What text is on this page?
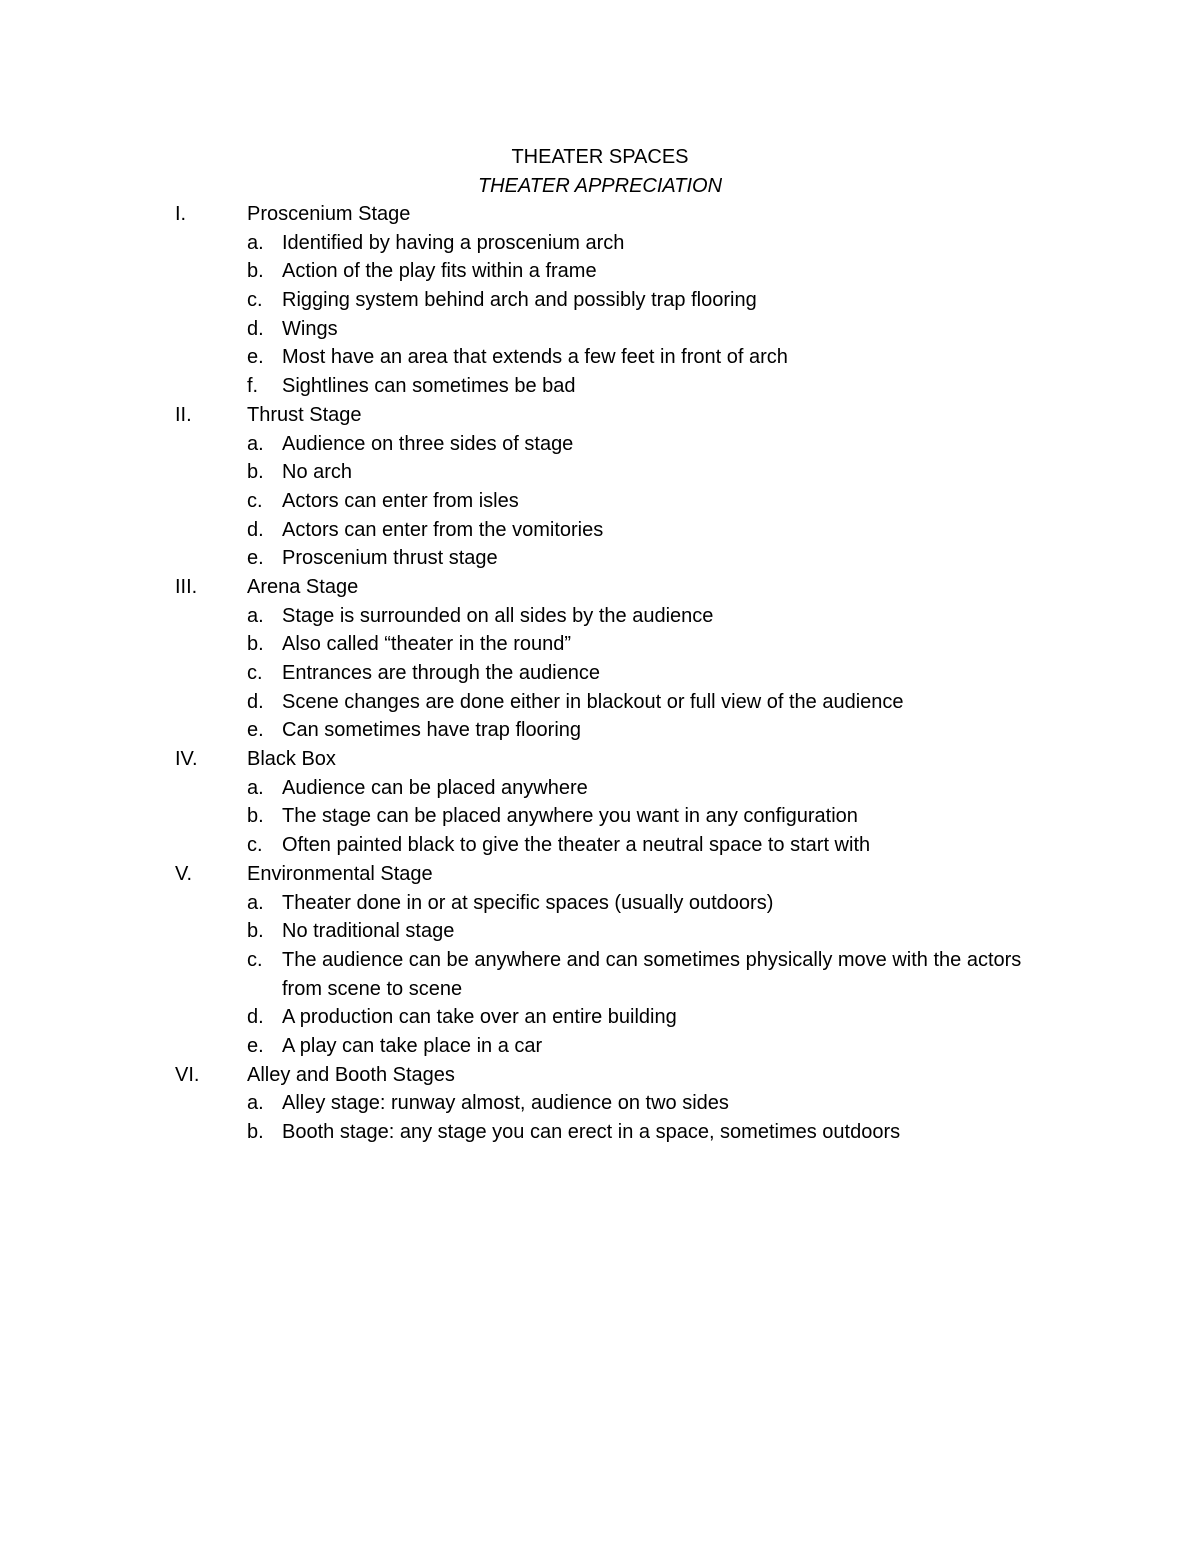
THEATER SPACES
THEATER APPRECIATION
I.	Proscenium Stage
a. Identified by having a proscenium arch
b. Action of the play fits within a frame
c. Rigging system behind arch and possibly trap flooring
d. Wings
e. Most have an area that extends a few feet in front of arch
f. Sightlines can sometimes be bad
II.	Thrust Stage
a. Audience on three sides of stage
b. No arch
c. Actors can enter from isles
d. Actors can enter from the vomitories
e. Proscenium thrust stage
III. Arena Stage
a. Stage is surrounded on all sides by the audience
b. Also called “theater in the round”
c. Entrances are through the audience
d. Scene changes are done either in blackout or full view of the audience
e. Can sometimes have trap flooring
IV. Black Box
a. Audience can be placed anywhere
b. The stage can be placed anywhere you want in any configuration
c. Often painted black to give the theater a neutral space to start with
V.	Environmental Stage
a. Theater done in or at specific spaces (usually outdoors)
b. No traditional stage
c. The audience can be anywhere and can sometimes physically move with the actors from scene to scene
d. A production can take over an entire building
e. A play can take place in a car
VI. Alley and Booth Stages
a. Alley stage: runway almost, audience on two sides
b. Booth stage: any stage you can erect in a space, sometimes outdoors
